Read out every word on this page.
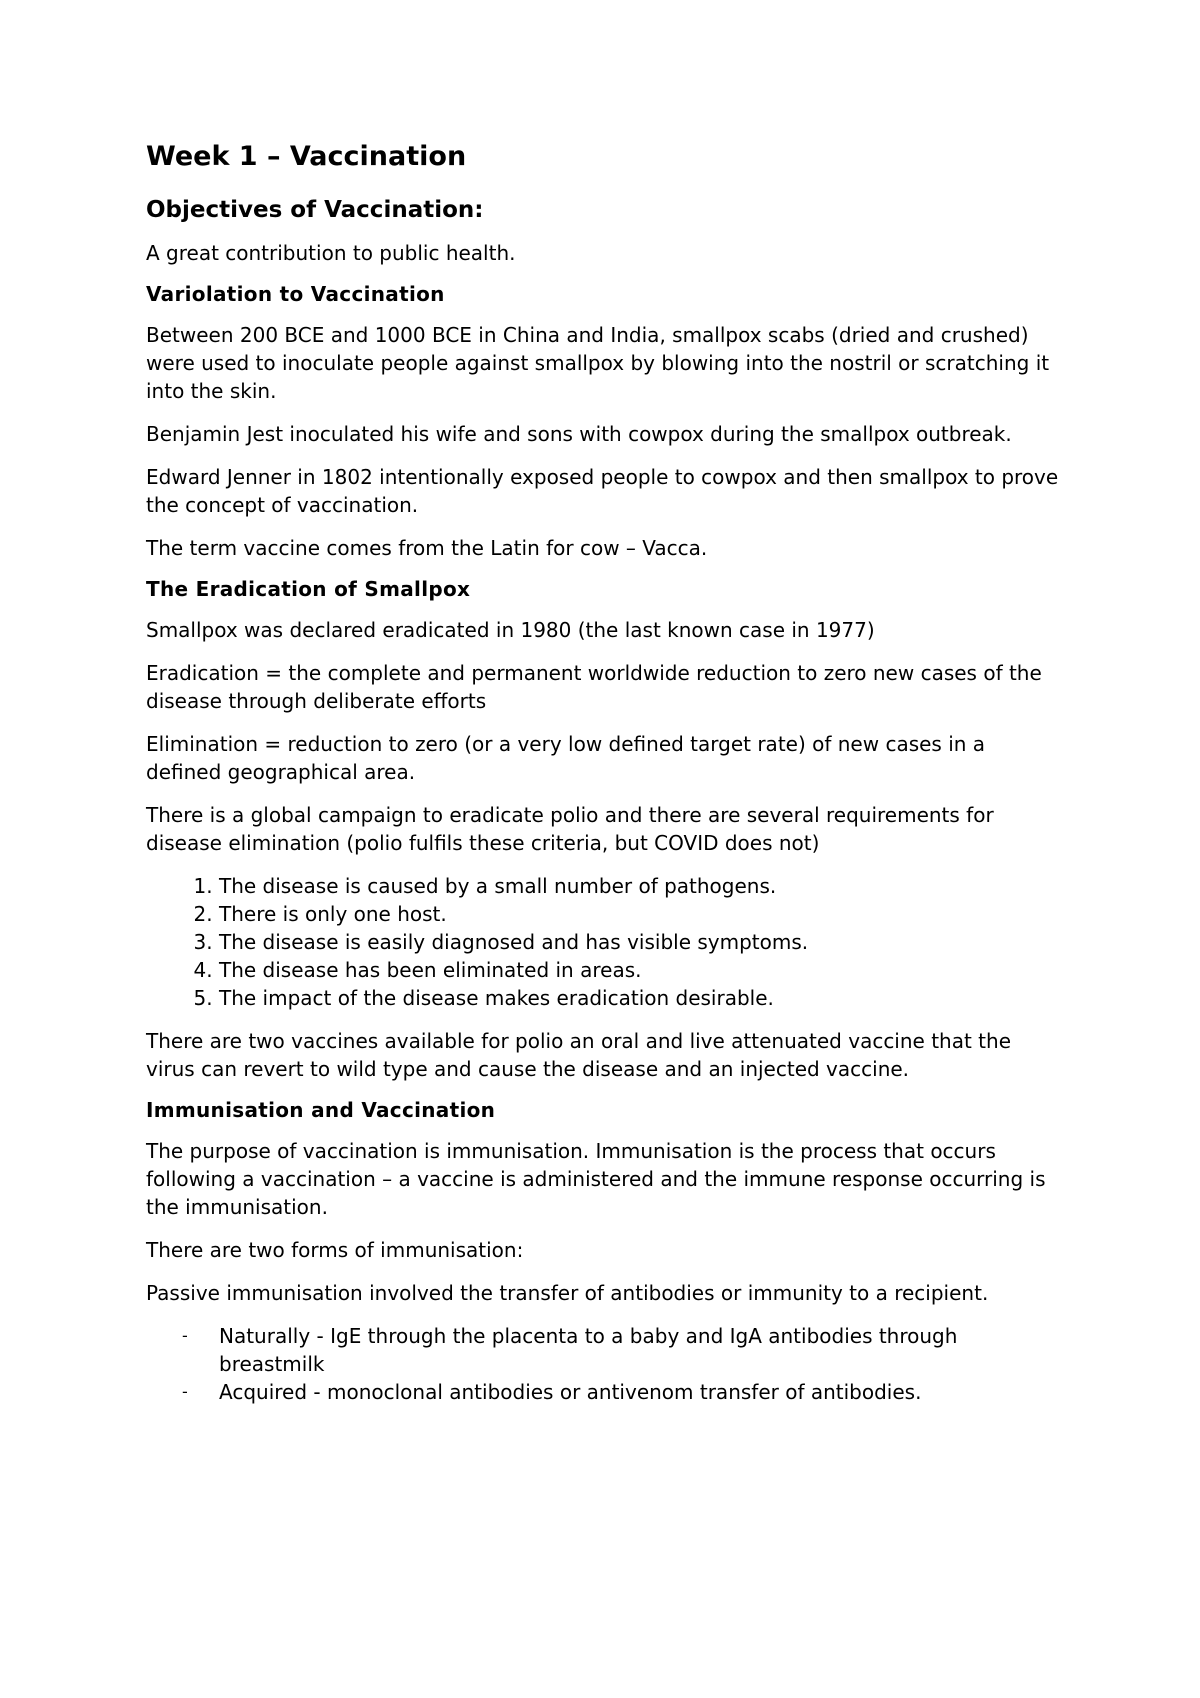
Week 1 – Vaccination
Objectives of Vaccination:

A great contribution to public health.

Variolation to Vaccination

Between 200 BCE and 1000 BCE in China and India, smallpox scabs (dried and crushed) were used to inoculate people against smallpox by blowing into the nostril or scratching it into the skin.

Benjamin Jest inoculated his wife and sons with cowpox during the smallpox outbreak.

Edward Jenner in 1802 intentionally exposed people to cowpox and then smallpox to prove the concept of vaccination.

The term vaccine comes from the Latin for cow – Vacca.

The Eradication of Smallpox

Smallpox was declared eradicated in 1980 (the last known case in 1977)

Eradication = the complete and permanent worldwide reduction to zero new cases of the disease through deliberate efforts

Elimination = reduction to zero (or a very low defined target rate) of new cases in a defined geographical area.

There is a global campaign to eradicate polio and there are several requirements for disease elimination (polio fulfils these criteria, but COVID does not)

1. The disease is caused by a small number of pathogens.
2. There is only one host.
3. The disease is easily diagnosed and has visible symptoms.
4. The disease has been eliminated in areas.
5. The impact of the disease makes eradication desirable.

There are two vaccines available for polio an oral and live attenuated vaccine that the virus can revert to wild type and cause the disease and an injected vaccine.

Immunisation and Vaccination

The purpose of vaccination is immunisation. Immunisation is the process that occurs following a vaccination – a vaccine is administered and the immune response occurring is the immunisation.

There are two forms of immunisation:

Passive immunisation involved the transfer of antibodies or immunity to a recipient.

- Naturally - IgE through the placenta to a baby and IgA antibodies through breastmilk
- Acquired - monoclonal antibodies or antivenom transfer of antibodies.
